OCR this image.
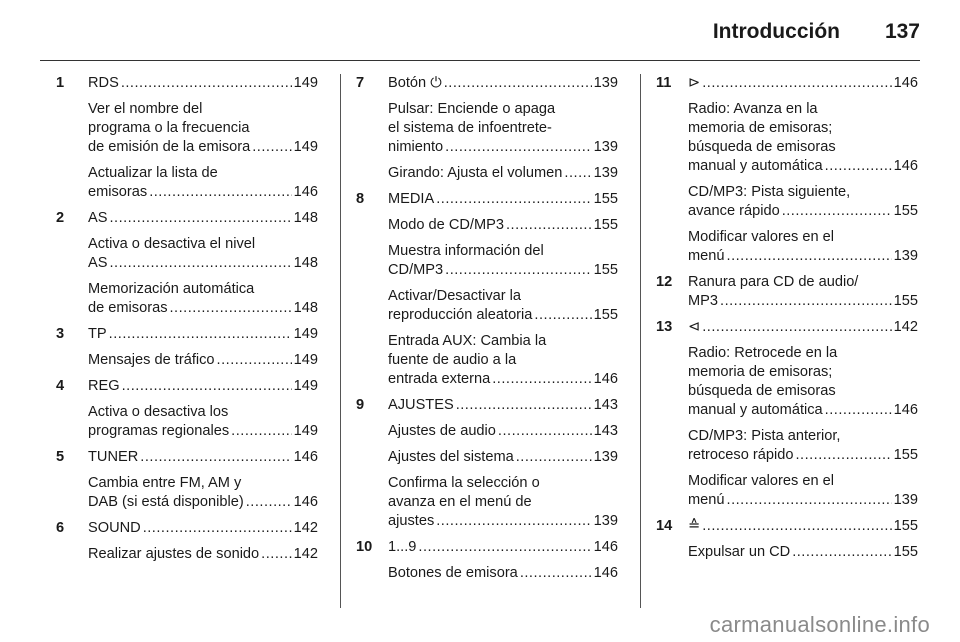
Introducción 137
1 RDS .....	149
Ver el nombre del
programa o la frecuencia
de emisión de la emisora .....	149
Actualizar la lista de
emisoras .....	146
2 AS .....	148
Activa o desactiva el nivel
AS .....	148
Memorización automática
de emisoras .....	148
3 TP .....	149
Mensajes de tráfico .....	149
4 REG .....	149
Activa o desactiva los
programas regionales .....	149
5 TUNER .....	146
Cambia entre FM, AM y
DAB (si está disponible) .....	146
6 SOUND .....	142
Realizar ajustes de sonido ..... 142
7 Botón ⏻ .....	139
Pulsar: Enciende o apaga
el sistema de infoentrete-
nimiento .....	139
Girando: Ajusta el volumen ..... 139
8 MEDIA .....	155
Modo de CD/MP3 .....	155
Muestra información del
CD/MP3 .....	155
Activar/Desactivar la
reproducción aleatoria .....	155
Entrada AUX: Cambia la
fuente de audio a la
entrada externa .....	146
9 AJUSTES .....	143
Ajustes de audio .....	143
Ajustes del sistema .....	139
Confirma la selección o
avanza en el menú de
ajustes .....	139
10 1...9 .....	146
Botones de emisora .....	146
11 ⊳ .....	146
Radio: Avanza en la
memoria de emisoras;
búsqueda de emisoras
manual y automática .....	146
CD/MP3: Pista siguiente,
avance rápido .....	155
Modificar valores en el
menú .....	139
12 Ranura para CD de audio/
MP3 .....	155
13 ⊲ .....	142
Radio: Retrocede en la
memoria de emisoras;
búsqueda de emisoras
manual y automática .....	146
CD/MP3: Pista anterior,
retroceso rápido .....	155
Modificar valores en el
menú .....	139
14 ≙ .....	155
Expulsar un CD .....	155
carmanualsonline.info
